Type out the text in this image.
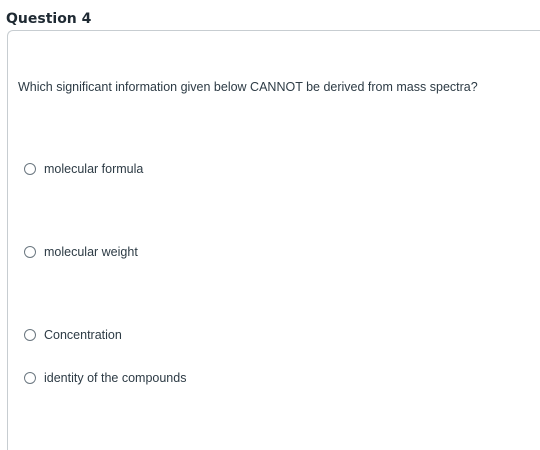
Question 4
Which significant information given below CANNOT be derived from mass spectra?
molecular formula
molecular weight
Concentration
identity of the compounds
